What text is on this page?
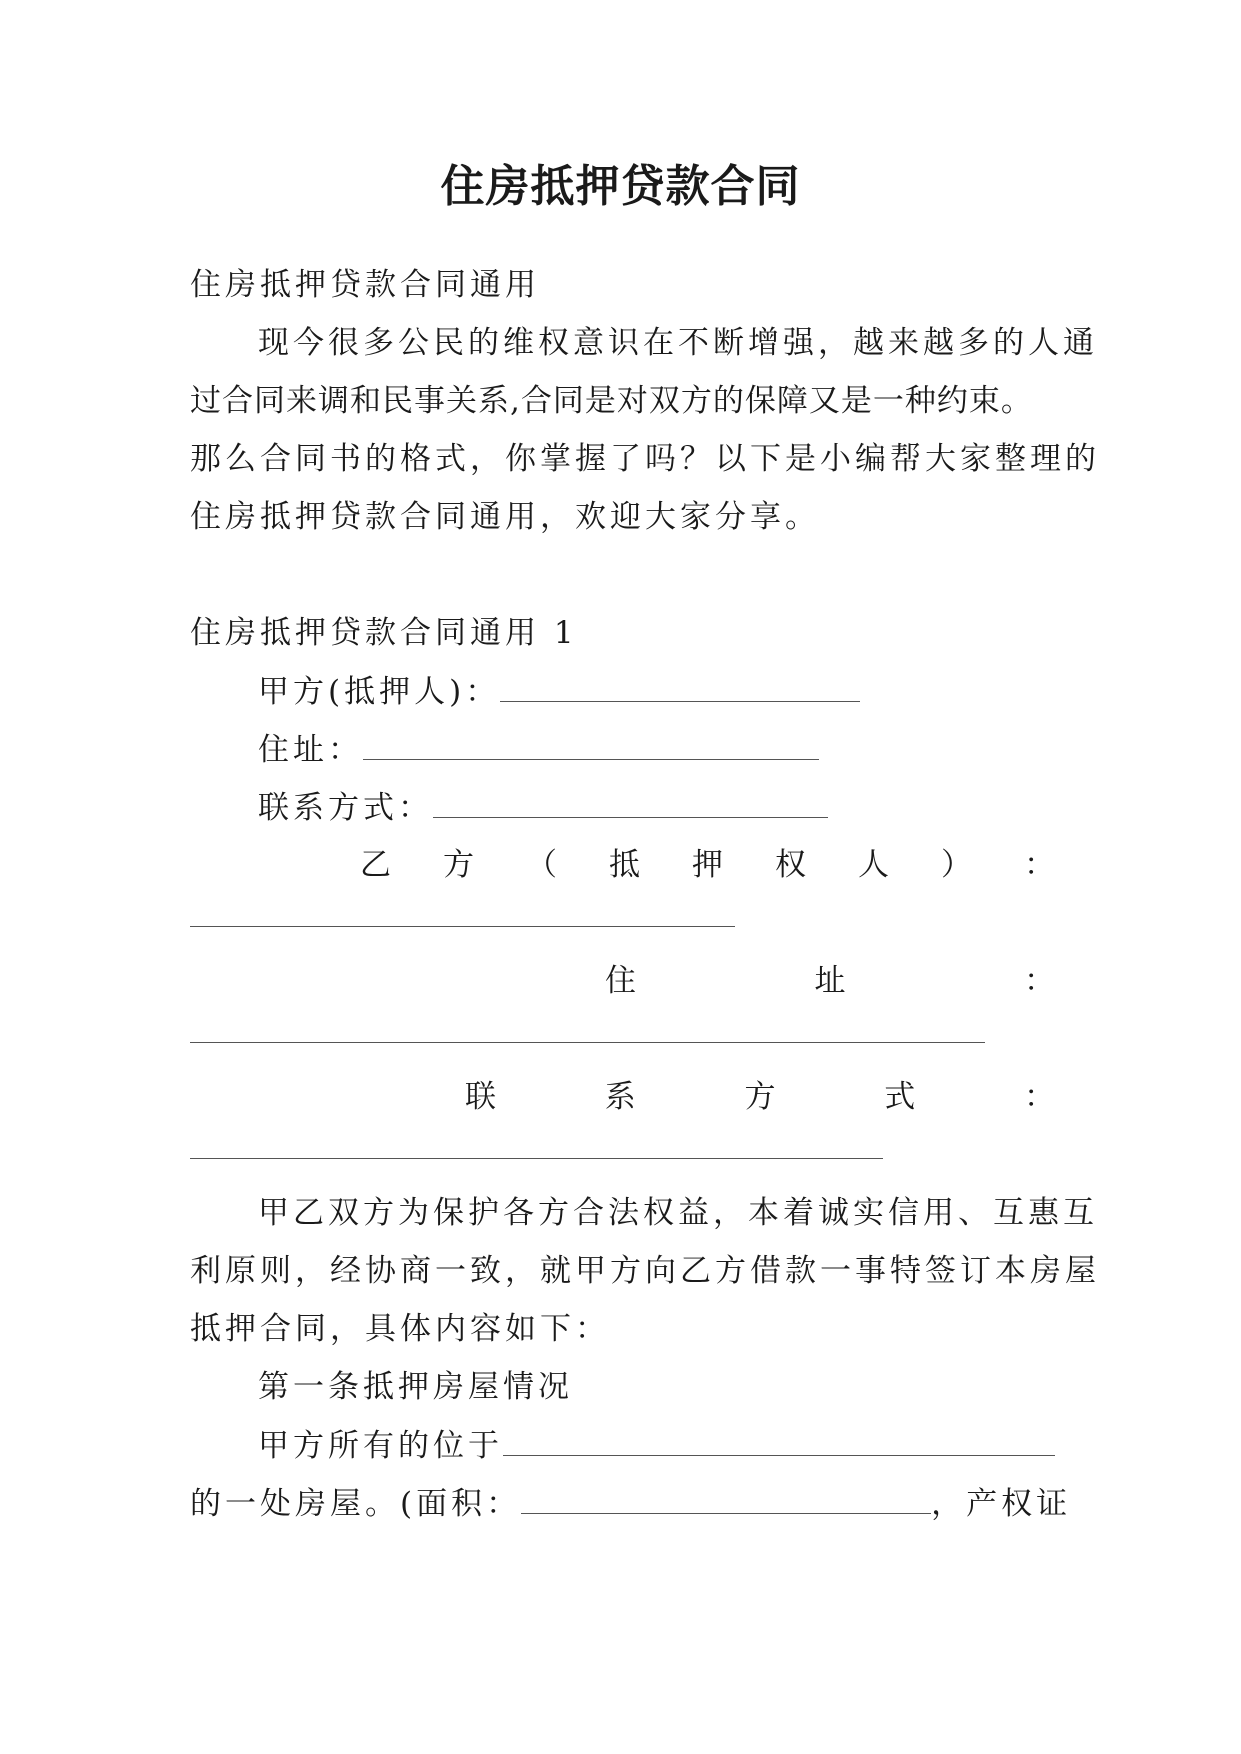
住房抵押贷款合同
住房抵押贷款合同通用
现今很多公民的维权意识在不断增强，越来越多的人通
过合同来调和民事关系,合同是对双方的保障又是一种约束。
那么合同书的格式，你掌握了吗？以下是小编帮大家整理的
住房抵押贷款合同通用，欢迎大家分享。
住房抵押贷款合同通用 1
甲方(抵押人)：
住址：
联系方式：
乙 方 （ 抵 押 权 人 ） ：
住	址	：
联	系	方	式	：
甲乙双方为保护各方合法权益，本着诚实信用、互惠互
利原则，经协商一致，就甲方向乙方借款一事特签订本房屋
抵押合同，具体内容如下：
第一条抵押房屋情况
甲方所有的位于
的一处房屋。(面积：	，产权证
